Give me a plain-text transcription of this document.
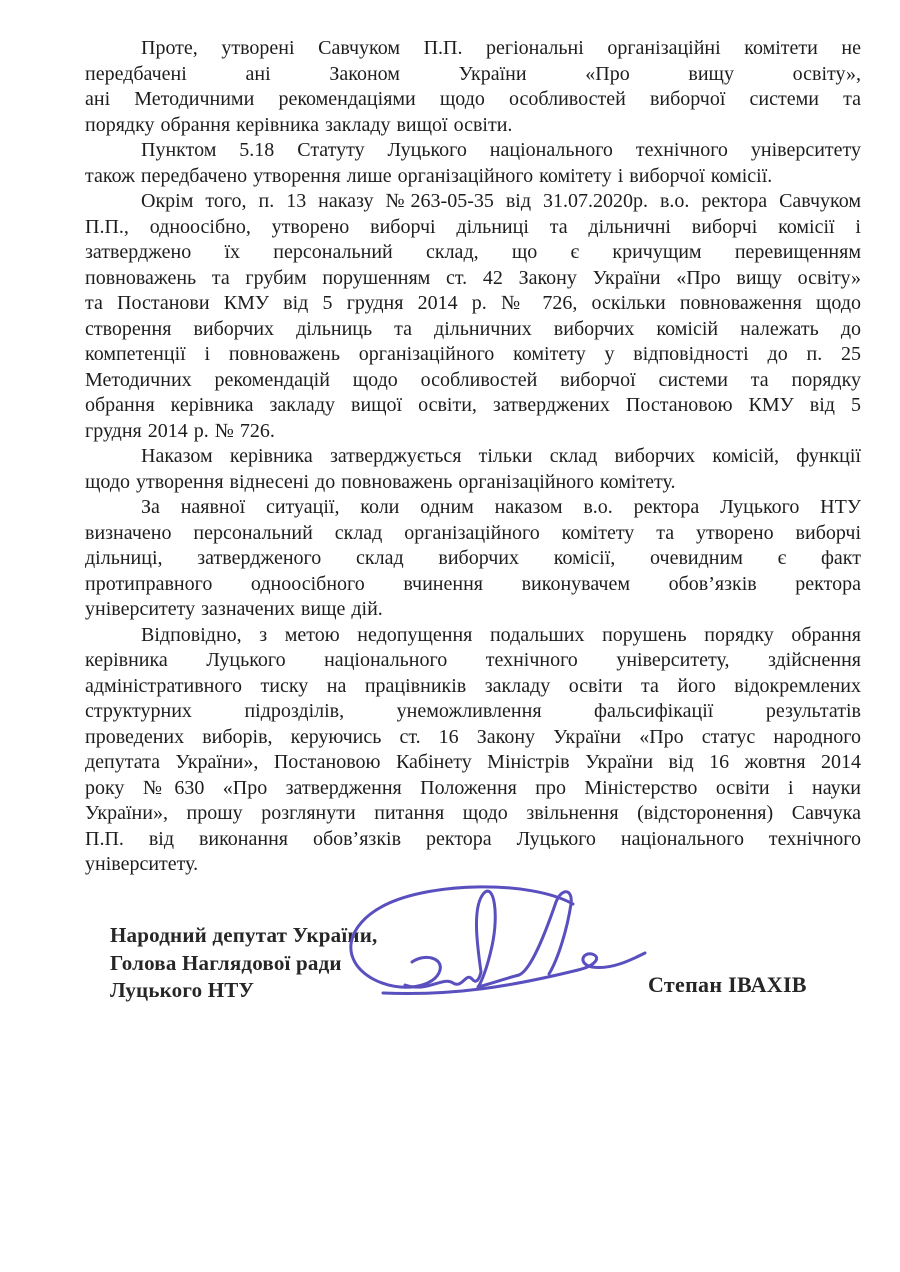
Проте, утворені Савчуком П.П. регіональні організаційні комітети не
передбачені ані Законом України «Про вищу освіту»,
ані Методичними рекомендаціями щодо особливостей виборчої системи та
порядку обрання керівника закладу вищої освіти.
Пунктом 5.18 Статуту Луцького національного технічного університету
також передбачено утворення лише організаційного комітету і виборчої комісії.
Окрім того, п. 13 наказу №263-05-35 від 31.07.2020р. в.о. ректора Савчуком
П.П., одноосібно, утворено виборчі дільниці та дільничні виборчі комісії і
затверджено їх персональний склад, що є кричущим перевищенням
повноважень та грубим порушенням ст. 42 Закону України «Про вищу освіту»
та Постанови КМУ від 5 грудня 2014 р. № 726, оскільки повноваження щодо
створення виборчих дільниць та дільничних виборчих комісій належать до
компетенції і повноважень організаційного комітету у відповідності до п. 25
Методичних рекомендацій щодо особливостей виборчої системи та порядку
обрання керівника закладу вищої освіти, затверджених Постановою КМУ від 5
грудня 2014 р. № 726.
Наказом керівника затверджується тільки склад виборчих комісій, функції
щодо утворення віднесені до повноважень організаційного комітету.
За наявної ситуації, коли одним наказом в.о. ректора Луцького НТУ
визначено персональний склад організаційного комітету та утворено виборчі
дільниці, затвердженого склад виборчих комісії, очевидним є факт
протиправного одноосібного вчинення виконувачем обов’язків ректора
університету зазначених вище дій.
Відповідно, з метою недопущення подальших порушень порядку обрання
керівника Луцького національного технічного університету, здійснення
адміністративного тиску на працівників закладу освіти та його відокремлених
структурних підрозділів, унеможливлення фальсифікації результатів
проведених виборів, керуючись ст. 16 Закону України «Про статус народного
депутата України», Постановою Кабінету Міністрів України від 16 жовтня 2014
року №630 «Про затвердження Положення про Міністерство освіти і науки
України», прошу розглянути питання щодо звільнення (відсторонення) Савчука
П.П. від виконання обов’язків ректора Луцького національного технічного
університету.
Народний депутат України,
Голова Наглядової ради
Луцького НТУ	Степан ІВАХІВ
